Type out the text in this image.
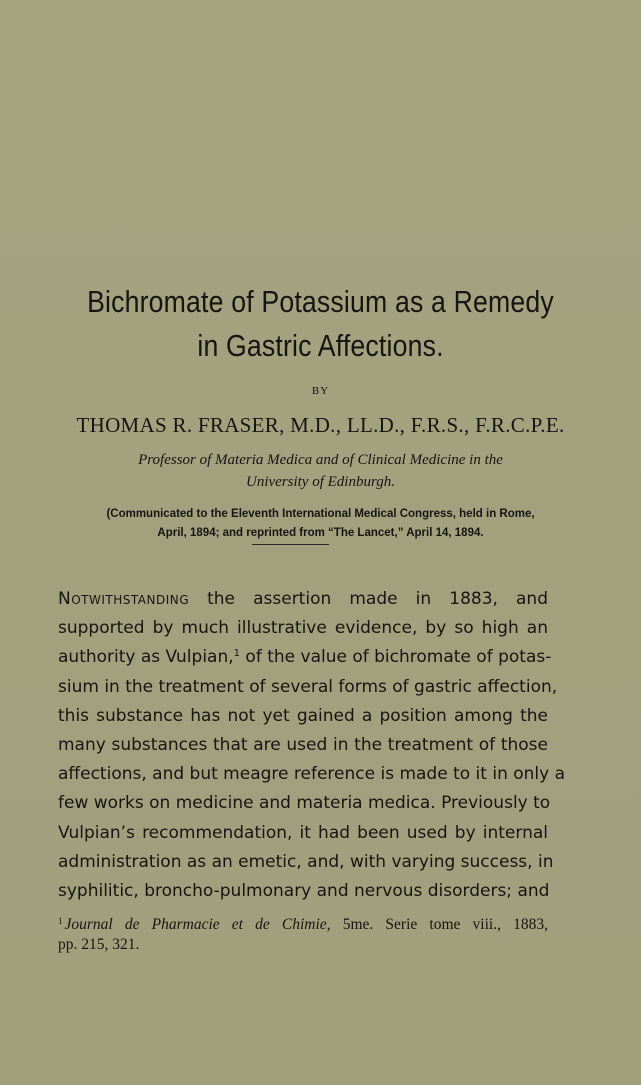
Bichromate of Potassium as a Remedy
in Gastric Affections.
BY
THOMAS R. FRASER, M.D., LL.D., F.R.S., F.R.C.P.E.
Professor of Materia Medica and of Clinical Medicine in the
University of Edinburgh.
(Communicated to the Eleventh International Medical Congress, held in Rome,
April, 1894; and reprinted from “The Lancet,” April 14, 1894.
Notwithstanding the assertion made in 1883, and
supported by much illustrative evidence, by so high an
authority as Vulpian,$^1$ of the value of bichromate of potas-
sium in the treatment of several forms of gastric affection,
this substance has not yet gained a position among the
many substances that are used in the treatment of those
affections, and but meagre reference is made to it in only a
few works on medicine and materia medica. Previously to
Vulpian’s recommendation, it had been used by internal
administration as an emetic, and, with varying success, in
syphilitic, broncho-pulmonary and nervous disorders; and
$^1$ Journal de Pharmacie et de Chimie, 5me. Serie tome viii., 1883,
pp. 215, 321.
